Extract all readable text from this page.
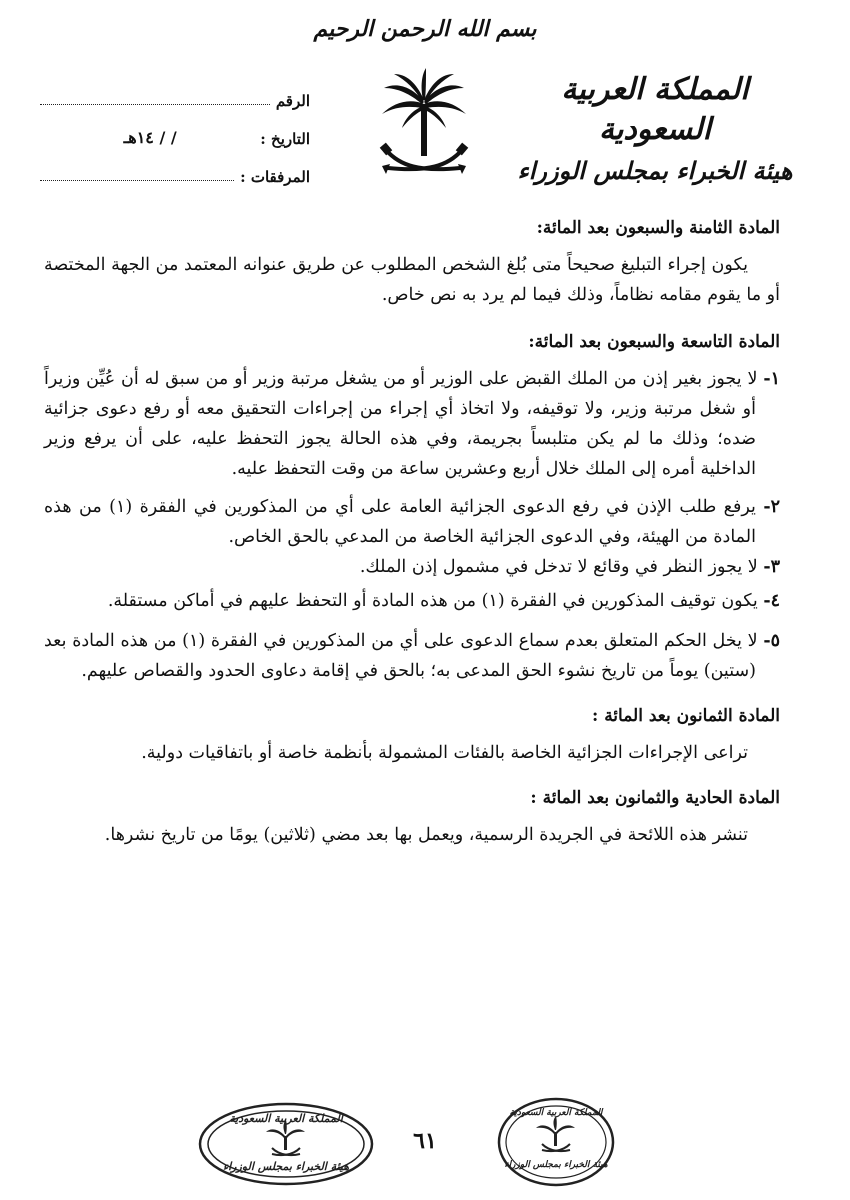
بسم الله الرحمن الرحيم
المملكة العربية السعودية
هيئة الخبراء بمجلس الوزراء
الرقم
التاريخ :
/ / ١٤هـ
المرفقات :
المادة الثامنة والسبعون بعد المائة:
يكون إجراء التبليغ صحيحاً متى بُلغ الشخص المطلوب عن طريق عنوانه المعتمد من الجهة المختصة أو ما يقوم مقامه نظاماً، وذلك فيما لم يرد به نص خاص.
المادة التاسعة والسبعون بعد المائة:
١- لا يجوز بغير إذن من الملك القبض على الوزير أو من يشغل مرتبة وزير أو من سبق له أن عُيِّن وزيراً أو شغل مرتبة وزير، ولا توقيفه، ولا اتخاذ أي إجراء من إجراءات التحقيق معه أو رفع دعوى جزائية ضده؛ وذلك ما لم يكن متلبساً بجريمة، وفي هذه الحالة يجوز التحفظ عليه، على أن يرفع وزير الداخلية أمره إلى الملك خلال أربع وعشرين ساعة من وقت التحفظ عليه.
٢- يرفع طلب الإذن في رفع الدعوى الجزائية العامة على أي من المذكورين في الفقرة (١) من هذه المادة من الهيئة، وفي الدعوى الجزائية الخاصة من المدعي بالحق الخاص.
٣- لا يجوز النظر في وقائع لا تدخل في مشمول إذن الملك.
٤- يكون توقيف المذكورين في الفقرة (١) من هذه المادة أو التحفظ عليهم في أماكن مستقلة.
٥- لا يخل الحكم المتعلق بعدم سماع الدعوى على أي من المذكورين في الفقرة (١) من هذه المادة بعد (ستين) يوماً من تاريخ نشوء الحق المدعى به؛ بالحق في إقامة دعاوى الحدود والقصاص عليهم.
المادة الثمانون بعد المائة :
تراعى الإجراءات الجزائية الخاصة بالفئات المشمولة بأنظمة خاصة أو باتفاقيات دولية.
المادة الحادية والثمانون بعد المائة :
تنشر هذه اللائحة في الجريدة الرسمية، ويعمل بها بعد مضي (ثلاثين) يومًا من تاريخ نشرها.
٦١
المملكة العربية السعودية
هيئة الخبراء بمجلس الوزراء
المملكة العربية السعودية
هيئة الخبراء بمجلس الوزراء
